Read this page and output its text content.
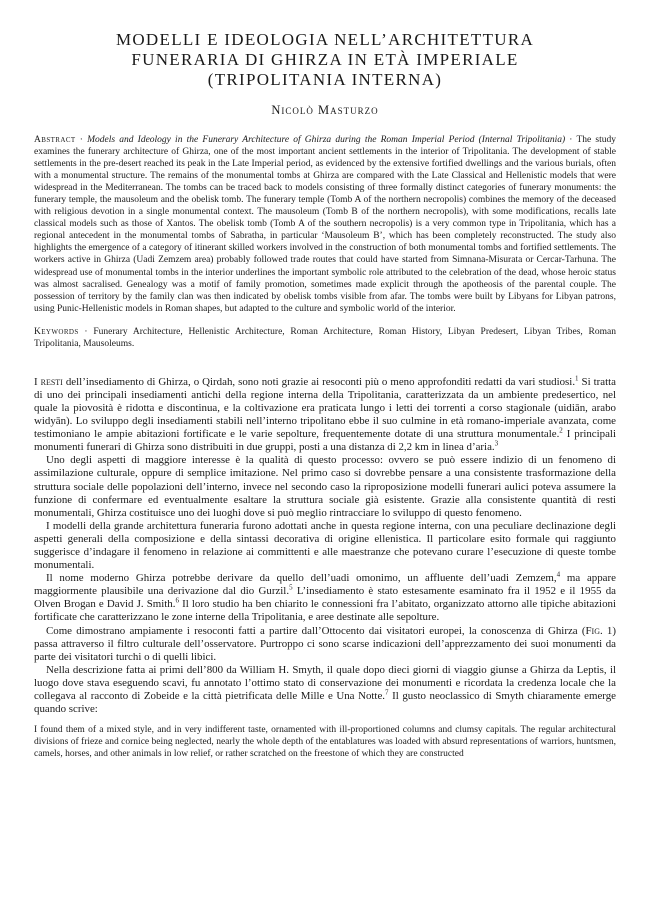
MODELLI E IDEOLOGIA NELL’ARCHITETTURA
FUNERARIA DI GHIRZA IN ETÀ IMPERIALE
(TRIPOLITANIA INTERNA)
Nicolò Masturzo
Abstract · Models and Ideology in the Funerary Architecture of Ghirza during the Roman Imperial Period (Internal Tripolitania) · The study examines the funerary architecture of Ghirza, one of the most important ancient settlements in the interior of Tripolitania. The development of stable settlements in the pre-desert reached its peak in the Late Imperial period, as evidenced by the extensive fortified dwellings and the various burials, often with a monumental structure. The remains of the monumental tombs at Ghirza are compared with the Late Classical and Hellenistic models that were widespread in the Mediterranean. The tombs can be traced back to models consisting of three formally distinct categories of funerary monuments: the funerary temple, the mausoleum and the obelisk tomb. The funerary temple (Tomb A of the northern necropolis) combines the memory of the deceased with religious devotion in a single monumental context. The mausoleum (Tomb B of the northern necropolis), with some modifications, recalls late classical models such as those of Xantos. The obelisk tomb (Tomb A of the southern necropolis) is a very common type in Tripolitania, which has a regional antecedent in the monumental tombs of Sabratha, in particular ‘Mausoleum B’, which has been completely reconstructed. The study also highlights the emergence of a category of itinerant skilled workers involved in the construction of both monumental tombs and fortified settlements. The workers active in Ghirza (Uadi Zemzem area) probably followed trade routes that could have started from Simnana-Misurata or Cercar-Tarhuna. The widespread use of monumental tombs in the interior underlines the important symbolic role attributed to the celebration of the dead, whose heroic status was almost sacralised. Genealogy was a motif of family promotion, sometimes made explicit through the apotheosis of the parental couple. The possession of territory by the family clan was then indicated by obelisk tombs visible from afar. The tombs were built by Libyans for Libyan patrons, using Punic-Hellenistic models in Roman shapes, but adapted to the culture and symbolic world of the interior.
Keywords · Funerary Architecture, Hellenistic Architecture, Roman Architecture, Roman History, Libyan Predesert, Libyan Tribes, Roman Tripolitania, Mausoleums.

I resti dell’insediamento di Ghirza, o Qirdah, sono noti grazie ai resoconti più o meno approfonditi redatti da vari studiosi.$^1$ Si tratta di uno dei principali insediamenti antichi della regione interna della Tripolitania, caratterizzata da un ambiente predesertico, nel quale la piovosità è ridotta e discontinua, e la coltivazione era praticata lungo i letti dei torrenti a corso stagionale (uidiān, arabo widyān). Lo sviluppo degli insediamenti stabili nell’interno tripolitano ebbe il suo culmine in età romano-imperiale avanzata, come testimoniano le ampie abitazioni fortificate e le varie sepolture, frequentemente dotate di una struttura monumentale.$^2$ I principali monumenti funerari di Ghirza sono distribuiti in due gruppi, posti a una distanza di 2,2 km in linea d’aria.$^3$

Uno degli aspetti di maggiore interesse è la qualità di questo processo: ovvero se può essere indizio di un fenomeno di assimilazione culturale, oppure di semplice imitazione. Nel primo caso si dovrebbe pensare a una consistente trasformazione della struttura sociale delle popolazioni dell’interno, invece nel secondo caso la riproposizione modelli funerari aulici poteva assumere la funzione di confermare ed eventualmente esaltare la struttura sociale già esistente. Grazie alla consistente quantità di resti monumentali, Ghirza costituisce uno dei luoghi dove si può meglio rintracciare lo sviluppo di questo fenomeno.

I modelli della grande architettura funeraria furono adottati anche in questa regione interna, con una peculiare declinazione degli aspetti generali della composizione e della sintassi decorativa di origine ellenistica. Il particolare esito formale qui raggiunto suggerisce d’indagare il fenomeno in relazione ai committenti e alle maestranze che potevano curare l’esecuzione di queste tombe monumentali.

Il nome moderno Ghirza potrebbe derivare da quello dell’uadi omonimo, un affluente dell’uadi Zemzem,$^4$ ma appare maggiormente plausibile una derivazione dal dio Gurzil.$^5$ L’insediamento è stato estesamente esaminato fra il 1952 e il 1955 da Olven Brogan e David J. Smith.$^6$ Il loro studio ha ben chiarito le connessioni fra l’abitato, organizzato attorno alle tipiche abitazioni fortificate che caratterizzano le zone interne della Tripolitania, e aree destinate alle sepolture.

Come dimostrano ampiamente i resoconti fatti a partire dall’Ottocento dai visitatori europei, la conoscenza di Ghirza (Fig. 1) passa attraverso il filtro culturale dell’osservatore. Purtroppo ci sono scarse indicazioni dell’apprezzamento dei suoi monumenti da parte dei visitatori turchi o di quelli libici.

Nella descrizione fatta ai primi dell’800 da William H. Smyth, il quale dopo dieci giorni di viaggio giunse a Ghirza da Leptis, il luogo dove stava eseguendo scavi, fu annotato l’ottimo stato di conservazione dei monumenti e ricordata la credenza locale che la collegava al racconto di Zobeide e la città pietrificata delle Mille e Una Notte.$^7$ Il gusto neoclassico di Smyth chiaramente emerge quando scrive:

I found them of a mixed style, and in very indifferent taste, ornamented with ill-proportioned columns and clumsy capitals. The regular architectural divisions of frieze and cornice being neglected, nearly the whole depth of the entablatures was loaded with absurd representations of warriors, huntsmen, camels, horses, and other animals in low relief, or rather scratched on the freestone of which they are constructed
